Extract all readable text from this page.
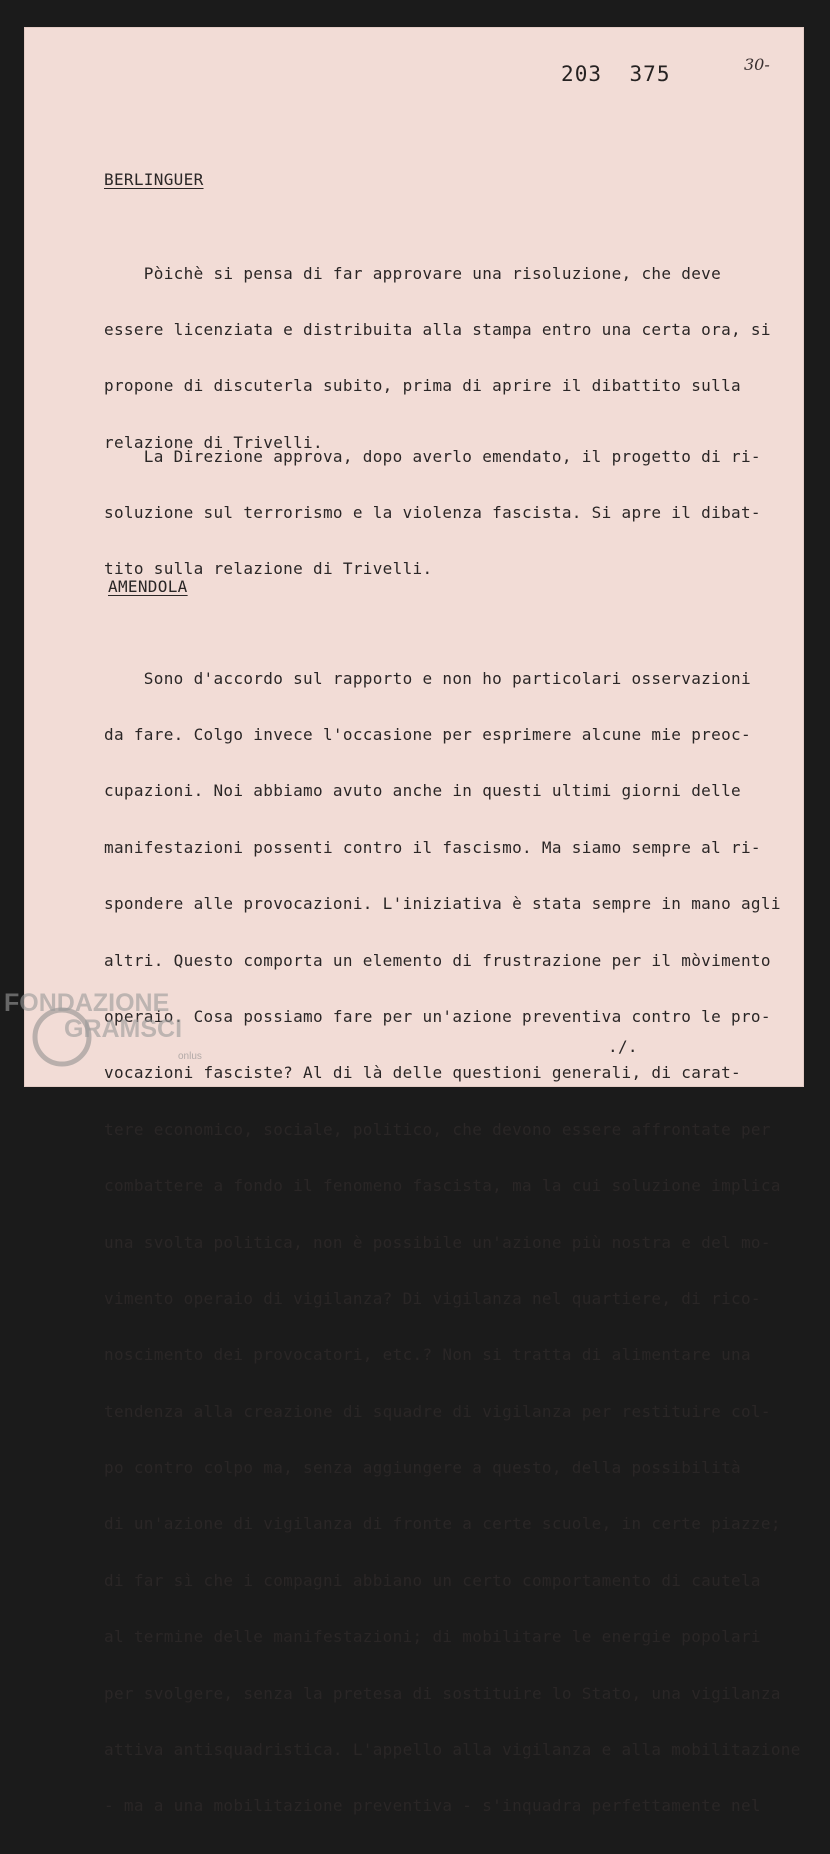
203  375	30-
BERLINGUER

Pòichè si pensa di far approvare una risoluzione, che deve

essere licenziata e distribuita alla stampa entro una certa ora, si

propone di discuterla subito, prima di aprire il dibattito sulla

relazione di Trivelli.

La Direzione approva, dopo averlo emendato, il progetto di ri-

soluzione sul terrorismo e la violenza fascista. Si apre il dibat-

tito sulla relazione di Trivelli.

AMENDOLA

Sono d'accordo sul rapporto e non ho particolari osservazioni

da fare. Colgo invece l'occasione per esprimere alcune mie preoc-

cupazioni. Noi abbiamo avuto anche in questi ultimi giorni delle

manifestazioni possenti contro il fascismo. Ma siamo sempre al ri-

spondere alle provocazioni. L'iniziativa è stata sempre in mano agli

altri. Questo comporta un elemento di frustrazione per il mòvimento

operaio. Cosa possiamo fare per un'azione preventiva contro le pro-

vocazioni fasciste? Al di là delle questioni generali, di carat-

tere economico, sociale, politico, che devono essere affrontate per

combattere a fondo il fenomeno fascista, ma la cui soluzione implica

una svolta politica, non è possibile un'azione più nostra e del mo-

vimento operaio di vigilanza? Di vigilanza nel quartiere, di rico-

noscimento dei provocatori, etc.? Non si tratta di alimentare una

tendenza alla creazione di squadre di vigilanza per restituire col-

po contro colpo ma, senza aggiungere a questo, della possibilità

di un'azione di vigilanza di fronte a certe scuole, in certe piazze;

di far sì che i compagni abbiano un certo comportamento di cautela

al termine delle manifestazioni; di mobilitare le energie popolari

per svolgere, senza la pretesa di sostituire lo Stato, una vigilanza

attiva antisquadristica. L'appello alla vigilanza e alla mobilitazione

- ma a una mobilitazione preventiva - s'inquadra perfettamente nel

./.
FONDAZIONE
GRAMSCI
onlus
